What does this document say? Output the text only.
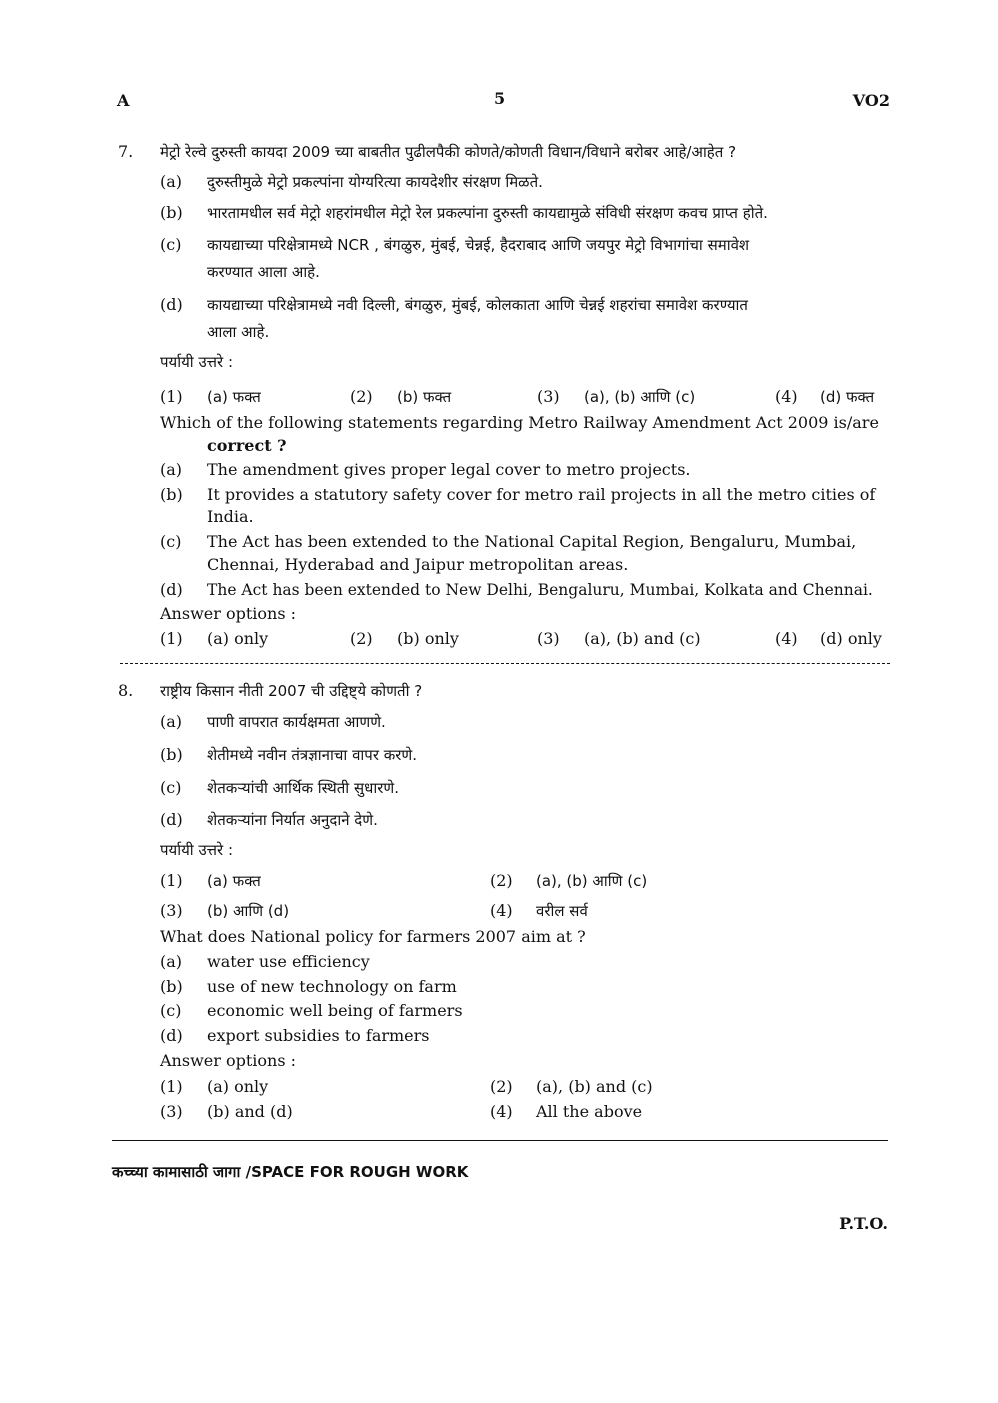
A	5	VO2
7. मेट्रो रेल्वे दुरुस्ती कायदा 2009 च्या बाबतीत पुढीलपैकी कोणते/कोणती विधान/विधाने बरोबर आहे/आहेत ?
(a) दुरुस्तीमुळे मेट्रो प्रकल्पांना योग्यरित्या कायदेशीर संरक्षण मिळते.
(b) भारतामधील सर्व मेट्रो शहरांमधील मेट्रो रेल प्रकल्पांना दुरुस्ती कायद्यामुळे संविधी संरक्षण कवच प्राप्त होते.
(c) कायद्याच्या परिक्षेत्रामध्ये NCR , बंगळुरु, मुंबई, चेन्नई, हैदराबाद आणि जयपुर मेट्रो विभागांचा समावेश
करण्यात आला आहे.
(d) कायद्याच्या परिक्षेत्रामध्ये नवी दिल्ली, बंगळुरु, मुंबई, कोलकाता आणि चेन्नई शहरांचा समावेश करण्यात
आला आहे.
पर्यायी उत्तरे :
(1) (a) फक्त	(2) (b) फक्त	(3) (a), (b) आणि (c)	(4) (d) फक्त
Which of the following statements regarding Metro Railway Amendment Act 2009 is/are
correct ?
(a) The amendment gives proper legal cover to metro projects.
(b) It provides a statutory safety cover for metro rail projects in all the metro cities of
India.
(c) The Act has been extended to the National Capital Region, Bengaluru, Mumbai,
Chennai, Hyderabad and Jaipur metropolitan areas.
(d) The Act has been extended to New Delhi, Bengaluru, Mumbai, Kolkata and Chennai.
Answer options :
(1) (a) only	(2) (b) only	(3) (a), (b) and (c)	(4) (d) only
8. राष्ट्रीय किसान नीती 2007 ची उद्दिष्ट्ये कोणती ?
(a) पाणी वापरात कार्यक्षमता आणणे.
(b) शेतीमध्ये नवीन तंत्रज्ञानाचा वापर करणे.
(c) शेतकऱ्यांची आर्थिक स्थिती सुधारणे.
(d) शेतकऱ्यांना निर्यात अनुदाने देणे.
पर्यायी उत्तरे :
(1) (a) फक्त	(2) (a), (b) आणि (c)
(3) (b) आणि (d)	(4) वरील सर्व
What does National policy for farmers 2007 aim at ?
(a) water use efficiency
(b) use of new technology on farm
(c) economic well being of farmers
(d) export subsidies to farmers
Answer options :
(1) (a) only	(2) (a), (b) and (c)
(3) (b) and (d)	(4) All the above
कच्च्या कामासाठी जागा /SPACE FOR ROUGH WORK
P.T.O.
